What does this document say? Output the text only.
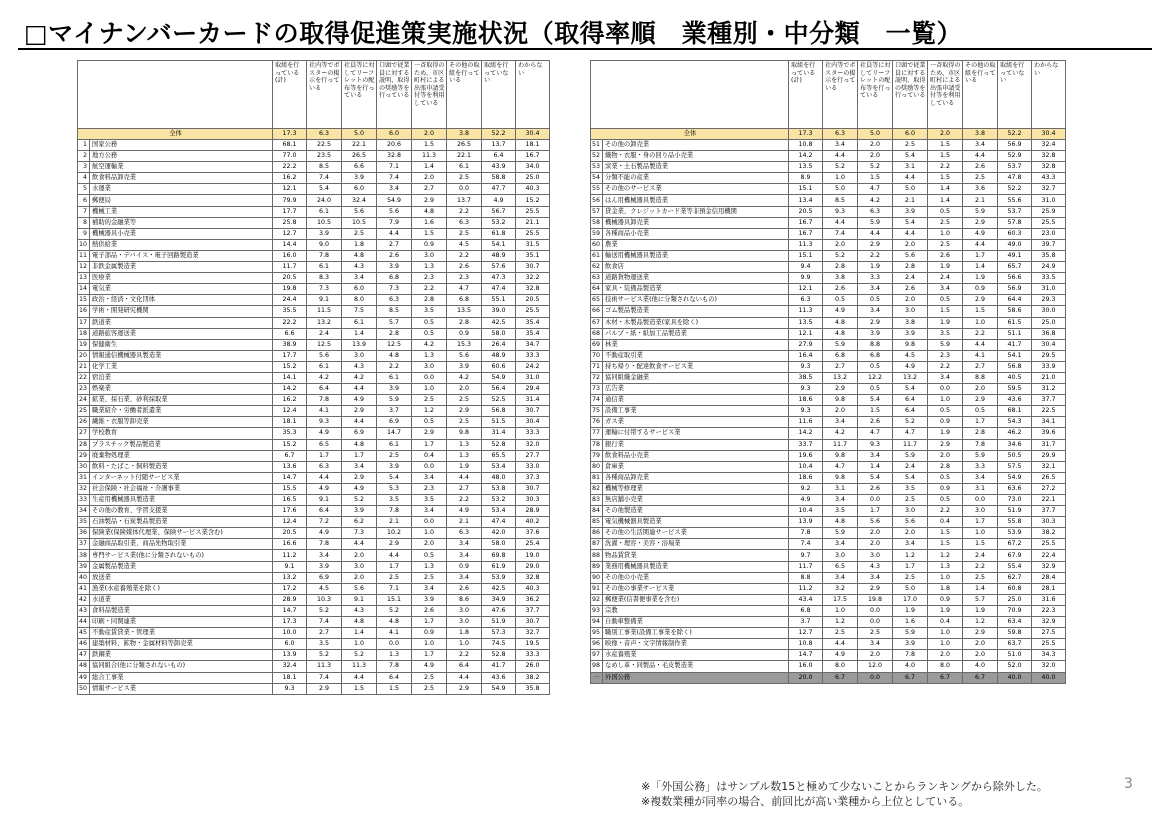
□マイナンバーカードの取得促進策実施状況（取得率順　業種別・中分類　一覧）
		取組を行っている(計)	社内等でポスターの掲示を行っている	社員等に対してリーフレットの配布等を行っている	口頭で従業員に対する説明、取得の奨励等を行っている	一斉取得のため、市区町村による出張申請受付等を利用している	その他の取組を行っている	取組を行っていない	わからない
全体		17.3	6.3	5.0	6.0	2.0	3.8	52.2	30.4
1	国家公務	68.1	22.5	22.1	20.6	1.5	26.5	13.7	18.1
2	地方公務	77.0	23.5	26.5	32.8	11.3	22.1	6.4	16.7
3	航空運輸業	22.2	8.5	6.6	7.1	1.4	6.1	43.9	34.0
4	飲食料品卸売業	16.2	7.4	3.9	7.4	2.0	2.5	58.8	25.0
5	水運業	12.1	5.4	6.0	3.4	2.7	0.0	47.7	40.3
6	郵便局	79.9	24.0	32.4	54.9	2.9	13.7	4.9	15.2
7	機械工業	17.7	6.1	5.6	5.6	4.8	2.2	56.7	25.5
8	補助的金融業等	25.8	10.5	10.5	7.9	1.6	6.3	53.2	21.1
9	機械器具小売業	12.7	3.9	2.5	4.4	1.5	2.5	61.8	25.5
10	熱供給業	14.4	9.0	1.8	2.7	0.9	4.5	54.1	31.5
11	電子部品・デバイス・電子回路製造業	16.0	7.8	4.8	2.6	3.0	2.2	48.9	35.1
12	非鉄金属製造業	11.7	6.1	4.3	3.9	1.3	2.6	57.6	30.7
13	医療業	20.5	8.3	3.4	6.8	2.3	2.3	47.3	32.2
14	電気業	19.8	7.3	6.0	7.3	2.2	4.7	47.4	32.8
15	政治・経済・文化団体	24.4	9.1	8.0	6.3	2.8	6.8	55.1	20.5
16	学術・開発研究機関	35.5	11.5	7.5	8.5	3.5	13.5	39.0	25.5
17	鉄道業	22.2	13.2	6.1	5.7	0.5	2.8	42.5	35.4
18	道路旅客運送業	6.6	2.4	1.4	2.8	0.5	0.9	58.0	35.4
19	保健衛生	38.9	12.5	13.9	12.5	4.2	15.3	26.4	34.7
20	情報通信機械器具製造業	17.7	5.6	3.0	4.8	1.3	5.6	48.9	33.3
21	化学工業	15.2	6.1	4.3	2.2	3.0	3.9	60.6	24.2
22	宿泊業	14.1	4.2	4.2	6.1	0.0	4.2	54.9	31.0
23	娯楽業	14.2	6.4	4.4	3.9	1.0	2.0	56.4	29.4
24	鉱業、採石業、砂利採取業	16.2	7.8	4.9	5.9	2.5	2.5	52.5	31.4
25	職業紹介・労働者派遣業	12.4	4.1	2.9	3.7	1.2	2.9	56.8	30.7
26	繊維・衣服等卸売業	18.1	9.3	4.4	6.9	0.5	2.5	51.5	30.4
27	学校教育	35.3	4.9	6.9	14.7	2.9	9.8	31.4	33.3
28	プラスチック製品製造業	15.2	6.5	4.8	6.1	1.7	1.3	52.8	32.0
29	廃棄物処理業	6.7	1.7	1.7	2.5	0.4	1.3	65.5	27.7
30	飲料・たばこ・飼料製造業	13.6	6.3	3.4	3.9	0.0	1.9	53.4	33.0
31	インターネット付随サービス業	14.7	4.4	2.9	5.4	3.4	4.4	48.0	37.3
32	社会保険・社会福祉・介護事業	15.5	4.9	4.9	5.3	2.3	2.7	53.8	30.7
33	生産用機械器具製造業	16.5	9.1	5.2	3.5	3.5	2.2	53.2	30.3
34	その他の教育、学習支援業	17.6	6.4	3.9	7.8	3.4	4.9	53.4	28.9
35	石油製品・石炭製品製造業	12.4	7.2	6.2	2.1	0.0	2.1	47.4	40.2
36	保険業(保険媒体代理業、保険サービス業含む)	20.5	4.9	7.3	10.2	1.0	6.3	42.0	37.6
37	金融商品取引業、商品先物取引業	16.6	7.8	4.4	2.9	2.0	3.4	58.0	25.4
38	専門サービス業(他に分類されないもの)	11.2	3.4	2.0	4.4	0.5	3.4	69.8	19.0
39	金属製品製造業	9.1	3.9	3.0	1.7	1.3	0.9	61.9	29.0
40	放送業	13.2	6.9	2.0	2.5	2.5	3.4	53.9	32.8
41	漁業(水産養殖業を除く)	17.2	4.5	5.6	7.1	3.4	2.6	42.5	40.3
42	水道業	28.9	10.3	9.1	15.1	3.9	8.6	34.9	36.2
43	食料品製造業	14.7	5.2	4.3	5.2	2.6	3.0	47.6	37.7
44	印刷・同関連業	17.3	7.4	4.8	4.8	1.7	3.0	51.9	30.7
45	不動産賃貸業・管理業	10.0	2.7	1.4	4.1	0.9	1.8	57.3	32.7
46	建築材料、鉱物・金属材料等卸売業	6.0	3.5	1.0	0.0	1.0	1.0	74.5	19.5
47	鉄鋼業	13.9	5.2	5.2	1.3	1.7	2.2	52.8	33.3
48	協同組合(他に分類されないもの)	32.4	11.3	11.3	7.8	4.9	6.4	41.7	26.0
49	総合工事業	18.1	7.4	4.4	6.4	2.5	4.4	43.6	38.2
50	情報サービス業	9.3	2.9	1.5	1.5	2.5	2.9	54.9	35.8
		取組を行っている(計)	社内等でポスターの掲示を行っている	社員等に対してリーフレットの配布等を行っている	口頭で従業員に対する説明、取得の奨励等を行っている	一斉取得のため、市区町村による出張申請受付等を利用している	その他の取組を行っている	取組を行っていない	わからない
全体		17.3	6.3	5.0	6.0	2.0	3.8	52.2	30.4
51	その他の卸売業	10.8	3.4	2.0	2.5	1.5	3.4	56.9	32.4
52	織物・衣服・身の回り品小売業	14.2	4.4	2.0	5.4	1.5	4.4	52.9	32.8
53	窯業・土石製品製造業	13.5	5.2	5.2	3.1	2.2	2.6	53.7	32.8
54	分類不能の産業	8.9	1.0	1.5	4.4	1.5	2.5	47.8	43.3
55	その他のサービス業	15.1	5.0	4.7	5.0	1.4	3.6	52.2	32.7
56	はん用機械器具製造業	13.4	8.5	4.2	2.1	1.4	2.1	55.6	31.0
57	貸金業、クレジットカード業等非預金信用機関	20.5	9.3	6.3	3.9	0.5	5.9	53.7	25.9
58	機械器具卸売業	16.7	4.4	5.9	5.4	2.5	2.9	57.8	25.5
59	各種商品小売業	16.7	7.4	4.4	4.4	1.0	4.9	60.3	23.0
60	農業	11.3	2.0	2.9	2.0	2.5	4.4	49.0	39.7
61	輸送用機械器具製造業	15.1	5.2	2.2	5.6	2.6	1.7	49.1	35.8
62	飲食店	9.4	2.8	1.9	2.8	1.9	1.4	65.7	24.9
63	道路貨物運送業	9.9	3.8	3.3	2.4	2.4	1.9	56.6	33.5
64	家具・装備品製造業	12.1	2.6	3.4	2.6	3.4	0.9	56.9	31.0
65	技術サービス業(他に分類されないもの)	6.3	0.5	0.5	2.0	0.5	2.9	64.4	29.3
66	ゴム製品製造業	11.3	4.9	3.4	3.0	1.5	1.5	58.6	30.0
67	木材・木製品製造業(家具を除く)	13.5	4.8	2.9	3.8	1.9	1.0	61.5	25.0
68	パルプ・紙・紙加工品製造業	12.1	4.8	3.9	3.9	3.5	2.2	51.1	36.8
69	林業	27.9	5.9	8.8	9.8	5.9	4.4	41.7	30.4
70	不動産取引業	16.4	6.8	6.8	4.5	2.3	4.1	54.1	29.5
71	持ち帰り・配達飲食サービス業	9.3	2.7	0.5	4.9	2.2	2.7	56.8	33.9
72	協同組織金融業	38.5	13.2	12.2	13.2	3.4	8.8	40.5	21.0
73	広告業	9.3	2.9	0.5	5.4	0.0	2.0	59.5	31.2
74	通信業	18.6	9.8	5.4	6.4	1.0	2.9	43.6	37.7
75	設備工事業	9.3	2.0	1.5	6.4	0.5	0.5	68.1	22.5
76	ガス業	11.6	3.4	2.6	5.2	0.9	1.7	54.3	34.1
77	運輸に付帯するサービス業	14.2	4.2	4.7	4.7	1.9	2.8	46.2	39.6
78	銀行業	33.7	11.7	9.3	11.7	2.9	7.8	34.6	31.7
79	飲食料品小売業	19.6	9.8	3.4	5.9	2.0	5.9	50.5	29.9
80	倉庫業	10.4	4.7	1.4	2.4	2.8	3.3	57.5	32.1
81	各種商品卸売業	18.6	9.8	5.4	5.4	0.5	3.4	54.9	26.5
82	機械等修理業	9.2	3.1	2.6	3.5	0.9	3.1	63.6	27.2
83	無店舗小売業	4.9	3.4	0.0	2.5	0.5	0.0	73.0	22.1
84	その他製造業	10.4	3.5	1.7	3.0	2.2	3.0	51.9	37.7
85	電気機械器具製造業	13.9	4.8	5.6	5.6	0.4	1.7	55.8	30.3
86	その他の生活関連サービス業	7.8	5.9	2.0	2.0	1.5	1.0	53.9	38.2
87	洗濯・理容・美容・浴場業	7.4	3.4	2.0	3.4	1.5	1.5	67.2	25.5
88	物品賃貸業	9.7	3.0	3.0	1.2	1.2	2.4	67.9	22.4
89	業務用機械器具製造業	11.7	6.5	4.3	1.7	1.3	2.2	55.4	32.9
90	その他の小売業	8.8	3.4	3.4	2.5	1.0	2.5	62.7	28.4
91	その他の事業サービス業	11.2	3.2	2.9	5.0	1.8	1.4	60.8	28.1
92	郵便業(信書便事業を含む)	43.4	17.5	19.8	17.0	0.9	5.7	25.0	31.6
93	宗教	6.8	1.0	0.0	1.9	1.9	1.9	70.9	22.3
94	自動車整備業	3.7	1.2	0.0	1.6	0.4	1.2	63.4	32.9
95	職別工事業(設備工事業を除く)	12.7	2.5	2.5	5.9	1.0	2.9	59.8	27.5
96	映像・音声・文字情報制作業	10.8	4.4	3.4	3.9	1.0	2.0	63.7	25.5
97	水産養殖業	14.7	4.9	2.0	7.8	2.0	2.0	51.0	34.3
98	なめし革・同製品・毛皮製造業	16.0	8.0	12.0	4.0	8.0	4.0	52.0	32.0
－	外国公務	20.0	6.7	0.0	6.7	6.7	6.7	40.0	40.0
※「外国公務」はサンプル数15と極めて少ないことからランキングから除外した。
※複数業種が同率の場合、前回比が高い業種から上位としている。
3
